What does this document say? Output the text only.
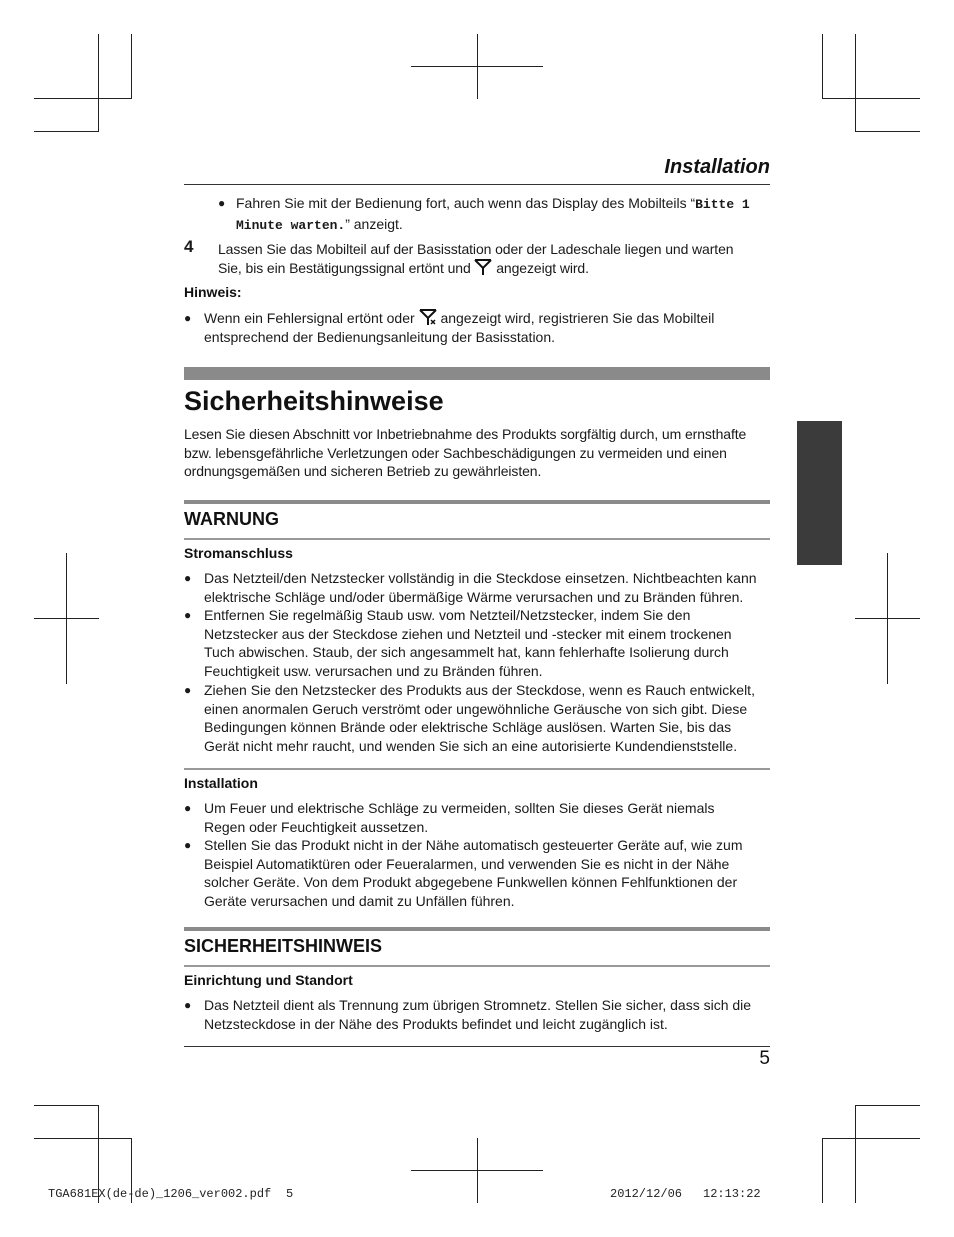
Installation
● Fahren Sie mit der Bedienung fort, auch wenn das Display des Mobilteils “Bitte 1
Minute warten.” anzeigt.
4 Lassen Sie das Mobilteil auf der Basisstation oder der Ladeschale liegen und warten
Sie, bis ein Bestätigungssignal ertönt und angezeigt wird.
Hinweis:
● Wenn ein Fehlersignal ertönt oder angezeigt wird, registrieren Sie das Mobilteil
entsprechend der Bedienungsanleitung der Basisstation.
Sicherheitshinweise
Lesen Sie diesen Abschnitt vor Inbetriebnahme des Produkts sorgfältig durch, um ernsthafte
bzw. lebensgefährliche Verletzungen oder Sachbeschädigungen zu vermeiden und einen
ordnungsgemäßen und sicheren Betrieb zu gewährleisten.
WARNUNG
Stromanschluss
● Das Netzteil/den Netzstecker vollständig in die Steckdose einsetzen. Nichtbeachten kann
elektrische Schläge und/oder übermäßige Wärme verursachen und zu Bränden führen.
● Entfernen Sie regelmäßig Staub usw. vom Netzteil/Netzstecker, indem Sie den
Netzstecker aus der Steckdose ziehen und Netzteil und -stecker mit einem trockenen
Tuch abwischen. Staub, der sich angesammelt hat, kann fehlerhafte Isolierung durch
Feuchtigkeit usw. verursachen und zu Bränden führen.
● Ziehen Sie den Netzstecker des Produkts aus der Steckdose, wenn es Rauch entwickelt,
einen anormalen Geruch verströmt oder ungewöhnliche Geräusche von sich gibt. Diese
Bedingungen können Brände oder elektrische Schläge auslösen. Warten Sie, bis das
Gerät nicht mehr raucht, und wenden Sie sich an eine autorisierte Kundendienststelle.
Installation
● Um Feuer und elektrische Schläge zu vermeiden, sollten Sie dieses Gerät niemals
Regen oder Feuchtigkeit aussetzen.
● Stellen Sie das Produkt nicht in der Nähe automatisch gesteuerter Geräte auf, wie zum
Beispiel Automatiktüren oder Feueralarmen, und verwenden Sie es nicht in der Nähe
solcher Geräte. Von dem Produkt abgegebene Funkwellen können Fehlfunktionen der
Geräte verursachen und damit zu Unfällen führen.
SICHERHEITSHINWEIS
Einrichtung und Standort
● Das Netzteil dient als Trennung zum übrigen Stromnetz. Stellen Sie sicher, dass sich die
Netzsteckdose in der Nähe des Produkts befindet und leicht zugänglich ist.
5
TGA681EX(de-de)_1206_ver002.pdf 5	2012/12/06 12:13:22
